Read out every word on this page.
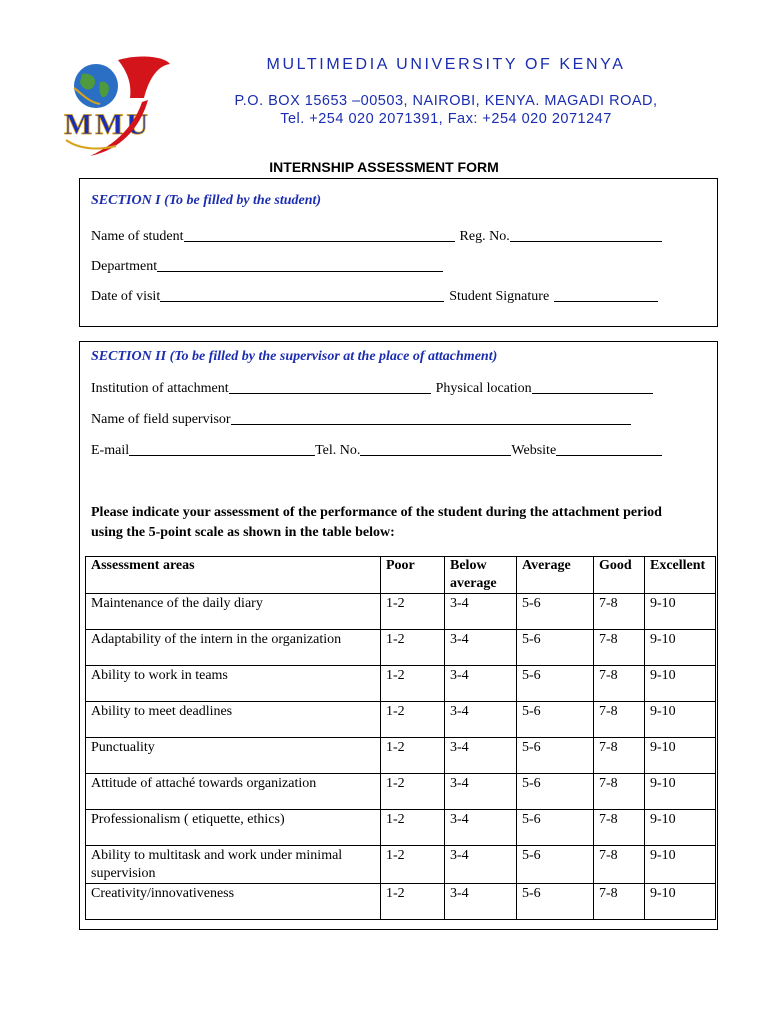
MMU
MULTIMEDIA UNIVERSITY OF KENYA
P.O. BOX 15653 –00503, NAIROBI, KENYA. MAGADI ROAD,
Tel. +254 020 2071391, Fax: +254 020 2071247
INTERNSHIP ASSESSMENT FORM
SECTION I (To be filled by the student)
Name of student	Reg. No.
Department
Date of visit	Student Signature
SECTION II (To be filled by the supervisor at the place of attachment)
Institution of attachment	Physical location
Name of field supervisor
E-mail	Tel. No.	Website
Please indicate your assessment of the performance of the student during the attachment period using the 5-point scale as shown in the table below:
Assessment areas	Poor	Below average	Average	Good	Excellent
Maintenance of the daily diary	1-2	3-4	5-6	7-8	9-10
Adaptability of the intern in the organization	1-2	3-4	5-6	7-8	9-10
Ability to work in teams	1-2	3-4	5-6	7-8	9-10
Ability to meet deadlines	1-2	3-4	5-6	7-8	9-10
Punctuality	1-2	3-4	5-6	7-8	9-10
Attitude of attaché towards organization	1-2	3-4	5-6	7-8	9-10
Professionalism ( etiquette, ethics)	1-2	3-4	5-6	7-8	9-10
Ability to multitask and work under minimal supervision	1-2	3-4	5-6	7-8	9-10
Creativity/innovativeness	1-2	3-4	5-6	7-8	9-10
